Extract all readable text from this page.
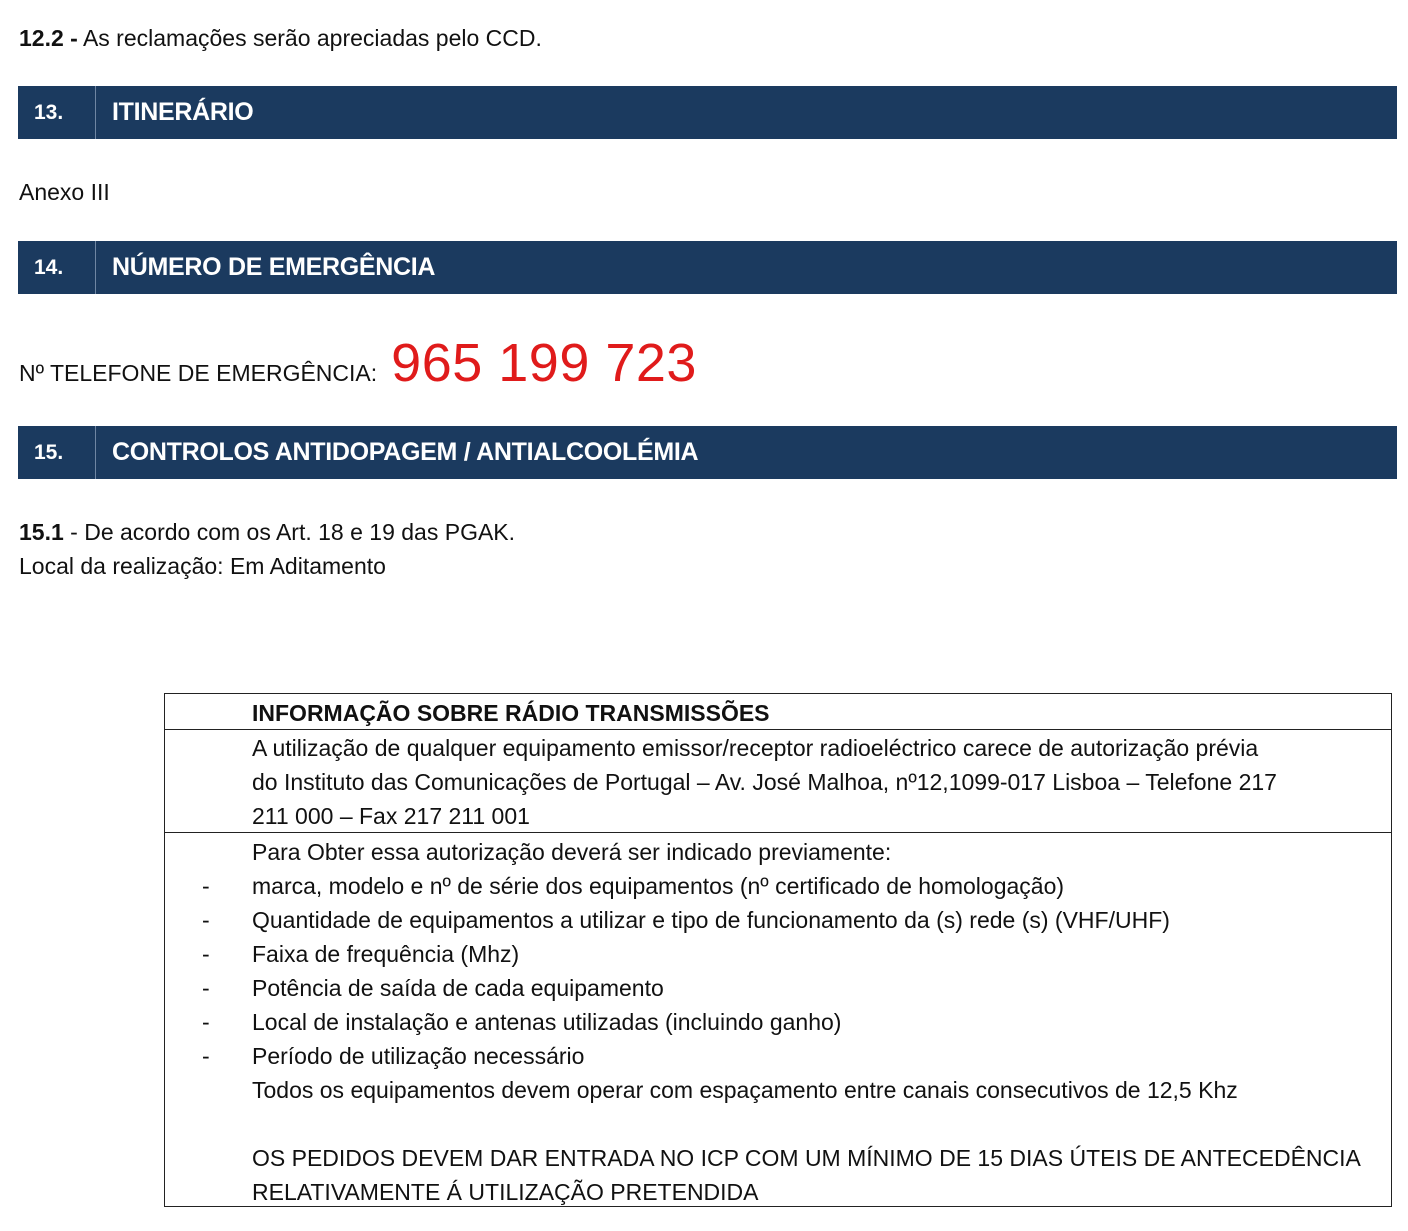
12.2 - As reclamações serão apreciadas pelo CCD.
13.	ITINERÁRIO
Anexo III
14.	NÚMERO DE EMERGÊNCIA
Nº TELEFONE DE EMERGÊNCIA: 965 199 723
15.	CONTROLOS ANTIDOPAGEM / ANTIALCOOLÉMIA
15.1 - De acordo com os Art. 18 e 19 das PGAK.
Local da realização: Em Aditamento
INFORMAÇÃO SOBRE RÁDIO TRANSMISSÕES
A utilização de qualquer equipamento emissor/receptor radioeléctrico carece de autorização prévia
do Instituto das Comunicações de Portugal – Av. José Malhoa, nº12,1099-017 Lisboa – Telefone 217
211 000 – Fax 217 211 001
Para Obter essa autorização deverá ser indicado previamente:
- marca, modelo e nº de série dos equipamentos (nº certificado de homologação)
- Quantidade de equipamentos a utilizar e tipo de funcionamento da (s) rede (s) (VHF/UHF)
- Faixa de frequência (Mhz)
- Potência de saída de cada equipamento
- Local de instalação e antenas utilizadas (incluindo ganho)
- Período de utilização necessário
Todos os equipamentos devem operar com espaçamento entre canais consecutivos de 12,5 Khz
OS PEDIDOS DEVEM DAR ENTRADA NO ICP COM UM MÍNIMO DE 15 DIAS ÚTEIS DE ANTECEDÊNCIA
RELATIVAMENTE Á UTILIZAÇÃO PRETENDIDA
